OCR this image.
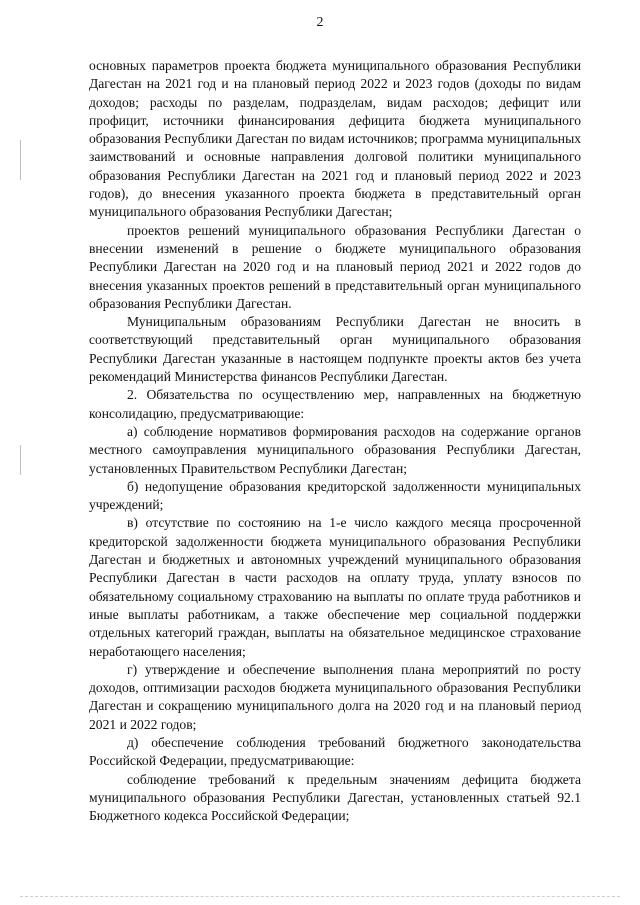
2

основных параметров проекта бюджета муниципального образования Республики Дагестан на 2021 год и на плановый период 2022 и 2023 годов (доходы по видам доходов; расходы по разделам, подразделам, видам расходов; дефицит или профицит, источники финансирования дефицита бюджета муниципального образования Республики Дагестан по видам источников; программа муниципальных заимствований и основные направления долговой политики муниципального образования Республики Дагестан на 2021 год и плановый период 2022 и 2023 годов), до внесения указанного проекта бюджета в представительный орган муниципального образования Республики Дагестан;

проектов решений муниципального образования Республики Дагестан о внесении изменений в решение о бюджете муниципального образования Республики Дагестан на 2020 год и на плановый период 2021 и 2022 годов до внесения указанных проектов решений в представительный орган муниципального образования Республики Дагестан.

Муниципальным образованиям Республики Дагестан не вносить в соответствующий представительный орган муниципального образования Республики Дагестан указанные в настоящем подпункте проекты актов без учета рекомендаций Министерства финансов Республики Дагестан.

2. Обязательства по осуществлению мер, направленных на бюджетную консолидацию, предусматривающие:

а) соблюдение нормативов формирования расходов на содержание органов местного самоуправления муниципального образования Республики Дагестан, установленных Правительством Республики Дагестан;

б) недопущение образования кредиторской задолженности муниципальных учреждений;

в) отсутствие по состоянию на 1-е число каждого месяца просроченной кредиторской задолженности бюджета муниципального образования Республики Дагестан и бюджетных и автономных учреждений муниципального образования Республики Дагестан в части расходов на оплату труда, уплату взносов по обязательному социальному страхованию на выплаты по оплате труда работников и иные выплаты работникам, а также обеспечение мер социальной поддержки отдельных категорий граждан, выплаты на обязательное медицинское страхование неработающего населения;

г) утверждение и обеспечение выполнения плана мероприятий по росту доходов, оптимизации расходов бюджета муниципального образования Республики Дагестан и сокращению муниципального долга на 2020 год и на плановый период 2021 и 2022 годов;

д) обеспечение соблюдения требований бюджетного законодательства Российской Федерации, предусматривающие:

соблюдение требований к предельным значениям дефицита бюджета муниципального образования Республики Дагестан, установленных статьей 92.1 Бюджетного кодекса Российской Федерации;
